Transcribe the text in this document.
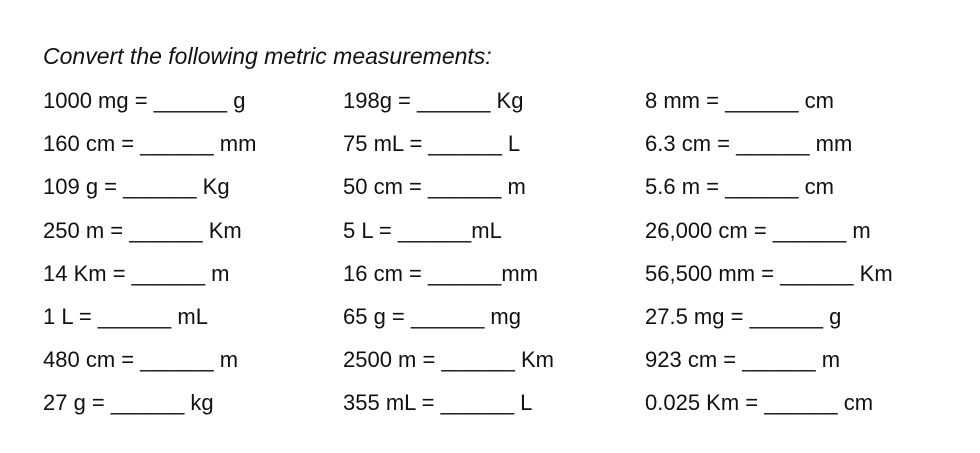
Convert the following metric measurements:
1000 mg = ______ g
160 cm = ______ mm
109 g = ______ Kg
250 m = ______ Km
14 Km = ______ m
1 L = ______ mL
480 cm = ______ m
27 g = ______ kg
198g = ______ Kg
75 mL = ______ L
50 cm = ______ m
5 L = ______mL
16 cm = ______mm
65 g = ______ mg
2500 m = ______ Km
355 mL = ______ L
8 mm = ______ cm
6.3 cm = ______ mm
5.6 m = ______ cm
26,000 cm = ______ m
56,500 mm = ______ Km
27.5 mg = ______ g
923 cm = ______ m
0.025 Km = ______ cm
